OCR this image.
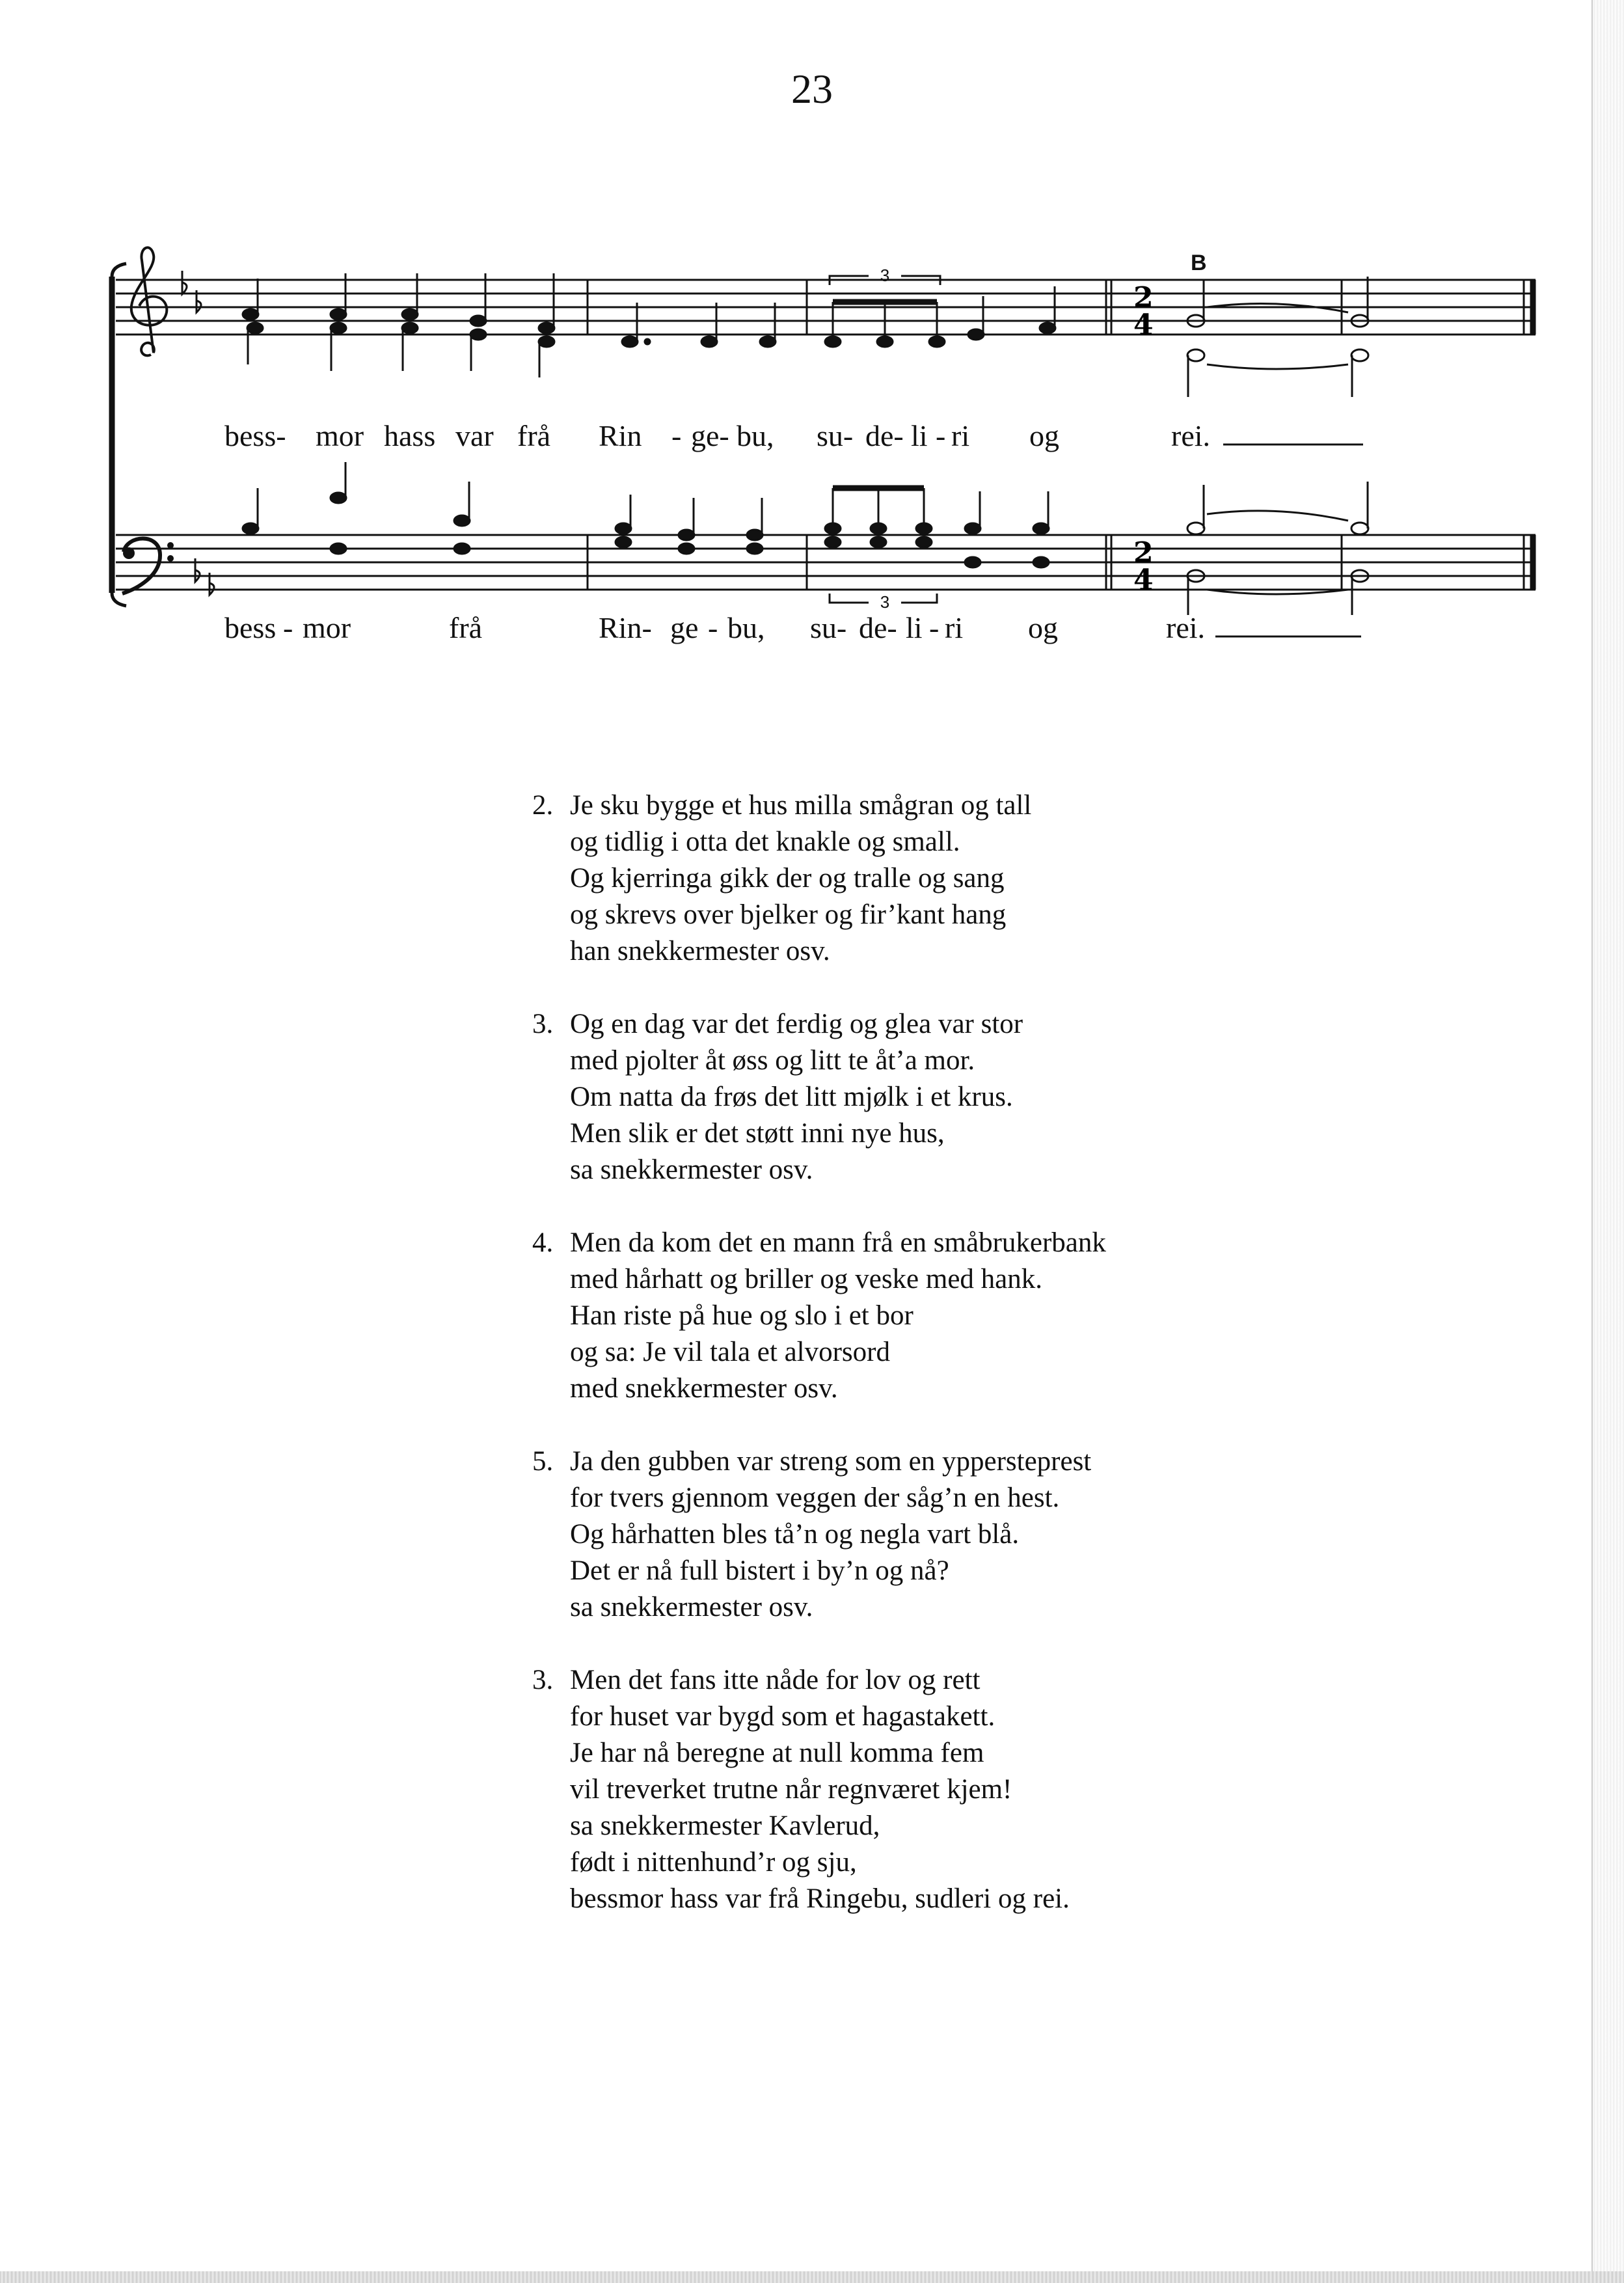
23
3
2
4
2
4
B
3
bess- mor hass var frå Rin - ge- bu, su- de- li - ri og	rei.
bess - mor	frå	Rin- ge - bu, su- de- li - ri og	rei.
2. Je sku bygge et hus milla smågran og tall
og tidlig i otta det knakle og small.
Og kjerringa gikk der og tralle og sang
og skrevs over bjelker og fir’kant hang
han snekkermester osv.
3. Og en dag var det ferdig og glea var stor
med pjolter åt øss og litt te åt’a mor.
Om natta da frøs det litt mjølk i et krus.
Men slik er det støtt inni nye hus,
sa snekkermester osv.
4. Men da kom det en mann frå en småbrukerbank
med hårhatt og briller og veske med hank.
Han riste på hue og slo i et bor
og sa: Je vil tala et alvorsord
med snekkermester osv.
5. Ja den gubben var streng som en yppersteprest
for tvers gjennom veggen der såg’n en hest.
Og hårhatten bles tå’n og negla vart blå.
Det er nå full bistert i by’n og nå?
sa snekkermester osv.
3. Men det fans itte nåde for lov og rett
for huset var bygd som et hagastakett.
Je har nå beregne at null komma fem
vil treverket trutne når regnværet kjem!
sa snekkermester Kavlerud,
født i nittenhund’r og sju,
bessmor hass var frå Ringebu, sudleri og rei.
